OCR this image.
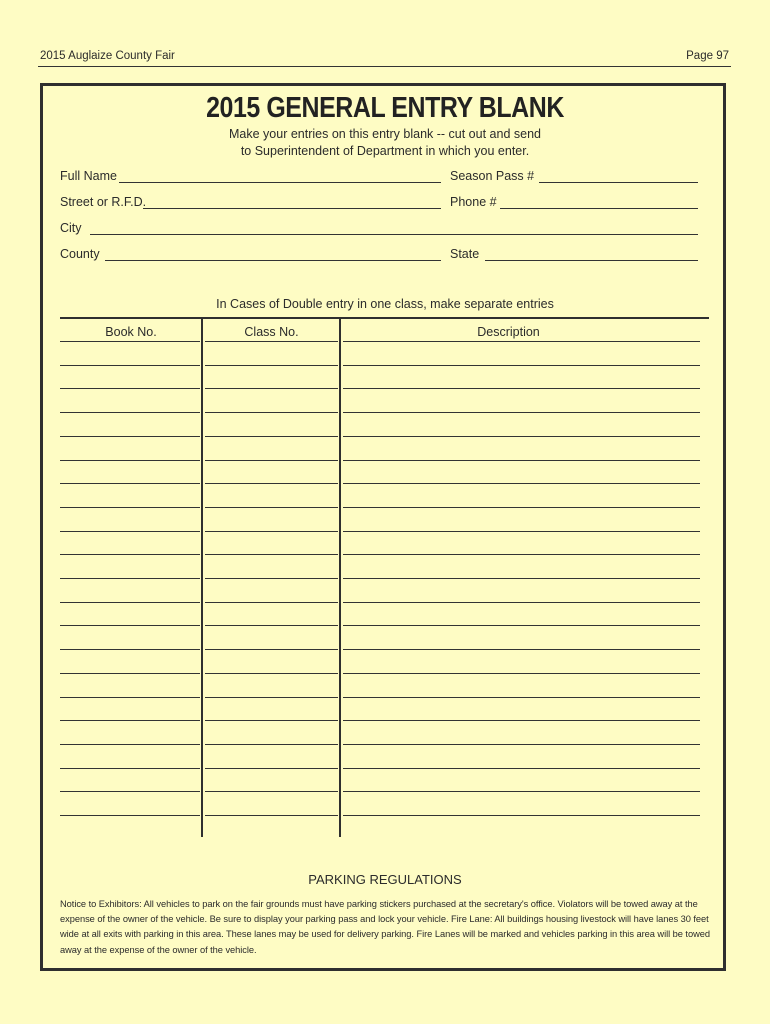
2015 Auglaize County Fair	Page 97
2015 GENERAL ENTRY BLANK
Make your entries on this entry blank -- cut out and send
to Superintendent of Department in which you enter.
Full Name	Season Pass #
Street or R.F.D.	Phone #
City
County	State
In Cases of Double entry in one class, make separate entries
Book No.	Class No.	Description
PARKING REGULATIONS
Notice to Exhibitors: All vehicles to park on the fair grounds must have parking stickers purchased at the secretary's office. Violators will be towed away at the expense of the owner of the vehicle. Be sure to display your parking pass and lock your vehicle. Fire Lane: All buildings housing livestock will have lanes 30 feet wide at all exits with parking in this area. These lanes may be used for delivery parking. Fire Lanes will be marked and vehicles parking in this area will be towed away at the expense of the owner of the vehicle.
